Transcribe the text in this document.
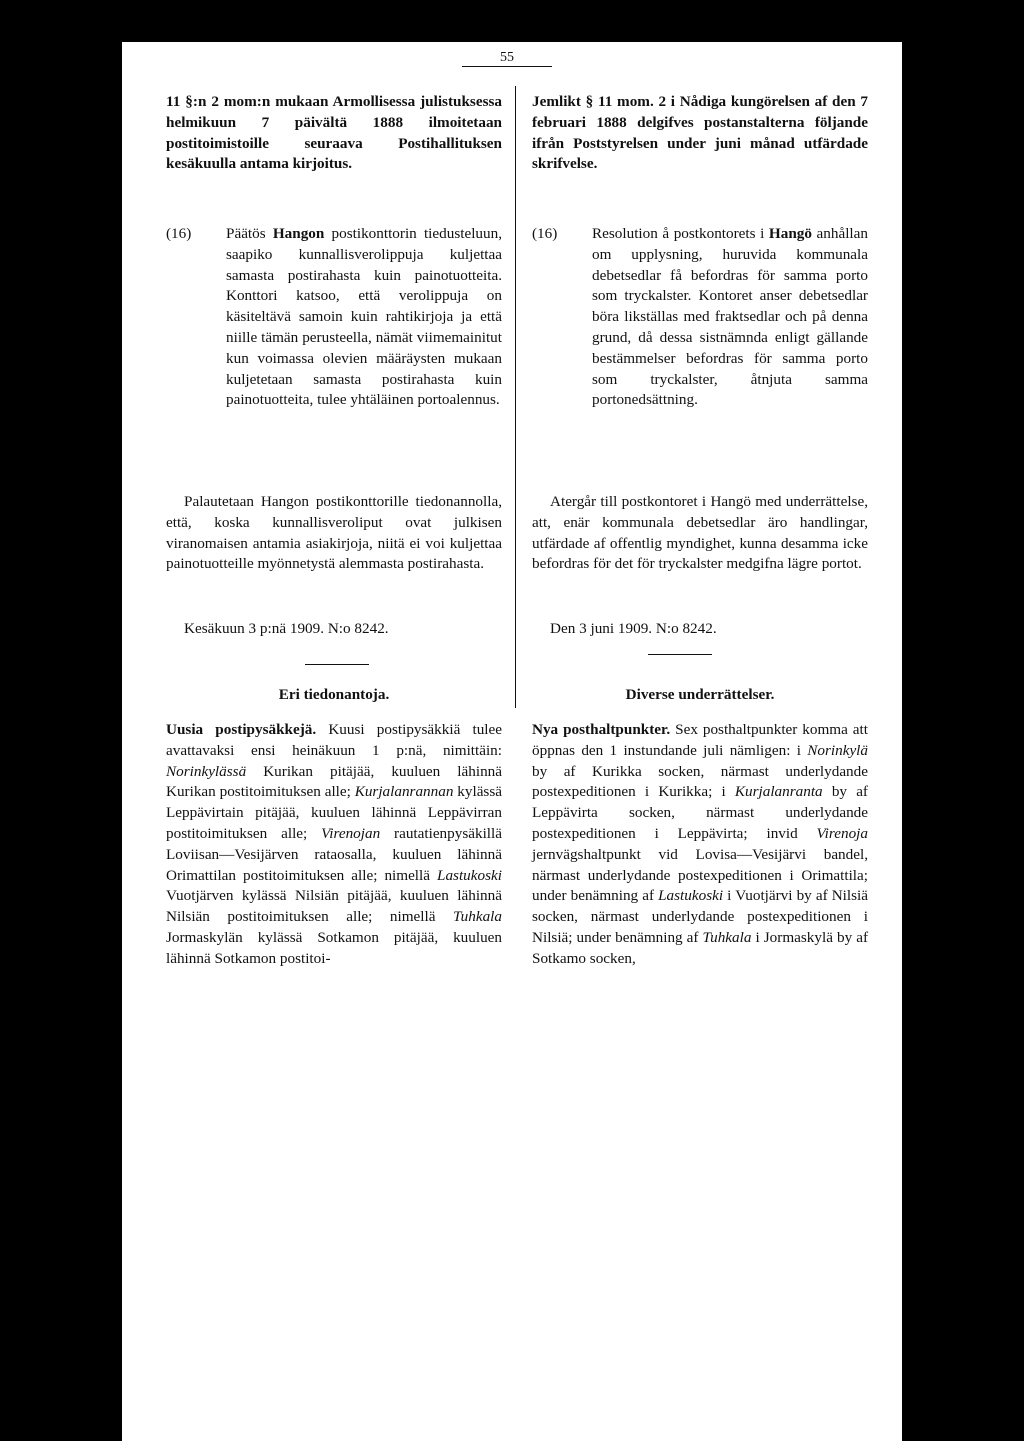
55
11 §:n 2 mom:n mukaan Armollisessa julistuksessa helmikuun 7 päivältä 1888 ilmoitetaan postitoimistoille seuraava Postihallituksen kesäkuulla antama kirjoitus.
(16)	Päätös Hangon postikonttorin tiedusteluun, saapiko kunnallisverolippuja kuljettaa samasta postirahasta kuin painotuotteita. Konttori katsoo, että verolippuja on käsiteltävä samoin kuin rahtikirjoja ja että niille tämän perusteella, nämät viimemainitut kun voimassa olevien määräysten mukaan kuljetetaan samasta postirahasta kuin painotuotteita, tulee yhtäläinen portoalennus.
Palautetaan Hangon postikonttorille tiedonannolla, että, koska kunnallisveroliput ovat julkisen viranomaisen antamia asiakirjoja, niitä ei voi kuljettaa painotuotteille myönnetystä alemmasta postirahasta.
Kesäkuun 3 p:nä 1909. N:o 8242.
Eri tiedonantoja.
Uusia postipysäkkejä. Kuusi postipysäkkiä tulee avattavaksi ensi heinäkuun 1 p:nä, nimittäin: Norinkylässä Kurikan pitäjää, kuuluen lähinnä Kurikan postitoimituksen alle; Kurjalanrannan kylässä Leppävirtain pitäjää, kuuluen lähinnä Leppävirran postitoimituksen alle; Virenojan rautatienpysäkillä Loviisan—Vesijärven rataosalla, kuuluen lähinnä Orimattilan postitoimituksen alle; nimellä Lastukoski Vuotjärven kylässä Nilsiän pitäjää, kuuluen lähinnä Nilsiän postitoimituksen alle; nimellä Tuhkala Jormaskylän kylässä Sotkamon pitäjää, kuuluen lähinnä Sotkamon postitoi-
Jemlikt § 11 mom. 2 i Nådiga kungörelsen af den 7 februari 1888 delgifves postanstalterna följande ifrån Poststyrelsen under juni månad utfärdade skrifvelse.
(16)	Resolution å postkontorets i Hangö anhållan om upplysning, huruvida kommunala debetsedlar få befordras för samma porto som tryckalster. Kontoret anser debetsedlar böra likställas med fraktsedlar och på denna grund, då dessa sistnämnda enligt gällande bestämmelser befordras för samma porto som tryckalster, åtnjuta samma portonedsättning.
Atergår till postkontoret i Hangö med underrättelse, att, enär kommunala debetsedlar äro handlingar, utfärdade af offentlig myndighet, kunna desamma icke befordras för det för tryckalster medgifna lägre portot.
Den 3 juni 1909. N:o 8242.
Diverse underrättelser.
Nya posthaltpunkter. Sex posthaltpunkter komma att öppnas den 1 instundande juli nämligen: i Norinkylä by af Kurikka socken, närmast underlydande postexpeditionen i Kurikka; i Kurjalanranta by af Leppävirta socken, närmast underlydande postexpeditionen i Leppävirta; invid Virenoja jernvägshaltpunkt vid Lovisa—Vesijärvi bandel, närmast underlydande postexpeditionen i Orimattila; under benämning af Lastukoski i Vuotjärvi by af Nilsiä socken, närmast underlydande postexpeditionen i Nilsiä; under benämning af Tuhkala i Jormaskylä by af Sotkamo socken,
